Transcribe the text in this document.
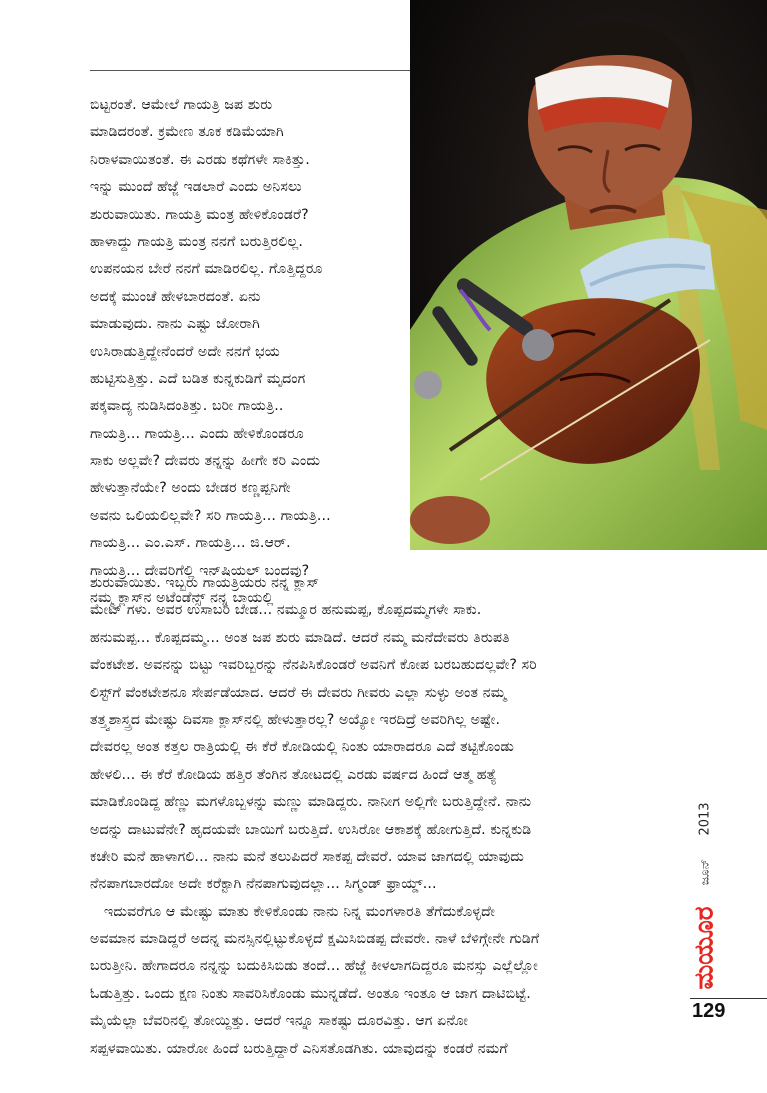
ಬಿಟ್ಟರಂತೆ. ಆಮೇಲೆ ಗಾಯತ್ರಿ ಜಪ ಶುರು
ಮಾಡಿದರಂತೆ. ಕ್ರಮೇಣ ತೂಕ ಕಡಿಮೆಯಾಗಿ
ನಿರಾಳವಾಯಿತಂತೆ. ಈ ಎರಡು ಕಥೆಗಳೇ ಸಾಕಿತ್ತು.
ಇನ್ನು ಮುಂದೆ ಹೆಜ್ಜೆ ಇಡಲಾರೆ ಎಂದು ಅನಿಸಲು
ಶುರುವಾಯಿತು. ಗಾಯತ್ರಿ ಮಂತ್ರ ಹೇಳಿಕೊಂಡರೆ?
ಹಾಳಾದ್ದು ಗಾಯತ್ರಿ ಮಂತ್ರ ನನಗೆ ಬರುತ್ತಿರಲಿಲ್ಲ.
ಉಪನಯನ ಬೇರೆ ನನಗೆ ಮಾಡಿರಲಿಲ್ಲ. ಗೊತ್ತಿದ್ದರೂ
ಅದಕ್ಕೆ ಮುಂಚೆ ಹೇಳಬಾರದಂತೆ. ಏನು
ಮಾಡುವುದು. ನಾನು ಎಷ್ಟು ಜೋರಾಗಿ
ಉಸಿರಾಡುತ್ತಿದ್ದೇನೆಂದರೆ ಅದೇ ನನಗೆ ಭಯ
ಹುಟ್ಟಿಸುತ್ತಿತ್ತು. ಎದೆ ಬಡಿತ ಕುನ್ನಕುಡಿಗೆ ಮೃದಂಗ
ಪಕ್ಕವಾದ್ಯ ನುಡಿಸಿದಂತಿತ್ತು. ಬರೀ ಗಾಯತ್ರಿ..
ಗಾಯತ್ರಿ... ಗಾಯತ್ರಿ... ಎಂದು ಹೇಳಿಕೊಂಡರೂ
ಸಾಕು ಅಲ್ಲವೇ? ದೇವರು ತನ್ನನ್ನು ಹೀಗೇ ಕರಿ ಎಂದು
ಹೇಳುತ್ತಾನೆಯೇ? ಅಂದು ಬೇಡರ ಕಣ್ಣಪ್ಪನಿಗೇ
ಅವನು ಒಲಿಯಲಿಲ್ಲವೇ? ಸರಿ ಗಾಯತ್ರಿ... ಗಾಯತ್ರಿ...
ಗಾಯತ್ರಿ... ಎಂ.ಎಸ್. ಗಾಯತ್ರಿ... ಜಿ.ಆರ್.
ಗಾಯತ್ರಿ... ದೇವರಿಗೆಲ್ಲಿ ಇನ್‌ಷಿಯಲ್ ಬಂದವು?
ನಮ್ಮ ಕ್ಲಾಸ್‌ನ ಅಟೆಂಡೆನ್ಸ್ ನನ್ನ ಬಾಯಲ್ಲಿ
ಶುರುವಾಯಿತು. ಇಬ್ಬರು ಗಾಯತ್ರಿಯರು ನನ್ನ ಕ್ಲಾಸ್
ಮೇಟ್ ಗಳು. ಅವರ ಉಸಾಬರಿ ಬೇಡ... ನಮ್ಮೂರ ಹನುಮಪ್ಪ, ಕೊಪ್ಪದಮ್ಮಗಳೇ ಸಾಕು.
ಹನುಮಪ್ಪ... ಕೊಪ್ಪದಮ್ಮ... ಅಂತ ಜಪ ಶುರು ಮಾಡಿದೆ. ಆದರೆ ನಮ್ಮ ಮನೆದೇವರು ತಿರುಪತಿ
ವೆಂಕಟೇಶ. ಅವನನ್ನು ಬಿಟ್ಟು ಇವರಿಬ್ಬರನ್ನು ನೆನಪಿಸಿಕೊಂಡರೆ ಅವನಿಗೆ ಕೋಪ ಬರಬಹುದಲ್ಲವೇ? ಸರಿ
ಲಿಸ್ಟ್‌ಗೆ ವೆಂಕಟೇಶನೂ ಸೇರ್ಪಡೆಯಾದ. ಆದರೆ ಈ ದೇವರು ಗೀವರು ಎಲ್ಲಾ ಸುಳ್ಳು ಅಂತ ನಮ್ಮ
ತತ್ತ್ವಶಾಸ್ತ್ರದ ಮೇಷ್ಟು ದಿವಸಾ ಕ್ಲಾಸ್‌ನಲ್ಲಿ ಹೇಳುತ್ತಾರಲ್ಲ? ಅಯ್ಯೋ ಇರದಿದ್ರೆ ಅವರಿಗಿಲ್ಲ ಅಷ್ಟೇ.
ದೇವರಲ್ಲ ಅಂತ ಕತ್ತಲ ರಾತ್ರಿಯಲ್ಲಿ ಈ ಕೆರೆ ಕೋಡಿಯಲ್ಲಿ ನಿಂತು ಯಾರಾದರೂ ಎದೆ ತಟ್ಟಿಕೊಂಡು
ಹೇಳಲಿ... ಈ ಕೆರೆ ಕೋಡಿಯ ಹತ್ತಿರ ತೆಂಗಿನ ತೋಟದಲ್ಲಿ ಎರಡು ವರ್ಷದ ಹಿಂದೆ ಆತ್ಮ ಹತ್ಯೆ
ಮಾಡಿಕೊಂಡಿದ್ದ ಹೆಣ್ಣು ಮಗಳೊಬ್ಬಳನ್ನು ಮಣ್ಣು ಮಾಡಿದ್ದರು. ನಾನೀಗ ಅಲ್ಲಿಗೇ ಬರುತ್ತಿದ್ದೇನೆ. ನಾನು
ಅದನ್ನು ದಾಟುವೆನೇ? ಹೃದಯವೇ ಬಾಯಿಗೆ ಬರುತ್ತಿದೆ. ಉಸಿರೋ ಆಕಾಶಕ್ಕೆ ಹೋಗುತ್ತಿದೆ. ಕುನ್ನಕುಡಿ
ಕಚೇರಿ ಮನೆ ಹಾಳಾಗಲಿ... ನಾನು ಮನೆ ತಲುಪಿದರೆ ಸಾಕಪ್ಪ ದೇವರೆ. ಯಾವ ಜಾಗದಲ್ಲಿ ಯಾವುದು
ನೆನಪಾಗಬಾರದೋ ಅದೇ ಕರೆಕ್ಟಾಗಿ ನೆನಪಾಗುವುದಲ್ಲಾ... ಸಿಗ್ಮಂಡ್ ಫ್ರಾಯ್ಡ್...
ಇದುವರೆಗೂ ಆ ಮೇಷ್ಟು ಮಾತು ಕೇಳಿಕೊಂಡು ನಾನು ನಿನ್ನ ಮಂಗಳಾರತಿ ತೆಗೆದುಕೊಳ್ಳದೇ
ಅವಮಾನ ಮಾಡಿದ್ದರೆ ಅದನ್ನ ಮನಸ್ಸಿನಲ್ಲಿಟ್ಟುಕೊಳ್ಳದೆ ಕ್ಷಮಿಸಿಬಿಡಪ್ಪ ದೇವರೇ. ನಾಳೆ ಬೆಳಿಗ್ಗೇನೇ ಗುಡಿಗೆ
ಬರುತ್ತೀನಿ. ಹೇಗಾದರೂ ನನ್ನನ್ನು ಬದುಕಿಸಿಬಿಡು ತಂದೆ... ಹೆಜ್ಜೆ ಕೀಳಲಾಗದಿದ್ದರೂ ಮನಸ್ಸು ಎಲ್ಲೆಲ್ಲೋ
ಓಡುತ್ತಿತ್ತು. ಒಂದು ಕ್ಷಣ ನಿಂತು ಸಾವರಿಸಿಕೊಂಡು ಮುನ್ನಡೆದೆ. ಅಂತೂ ಇಂತೂ ಆ ಜಾಗ ದಾಟಿಬಿಟ್ಟೆ.
ಮೈಯೆಲ್ಲಾ ಬೆವರಿನಲ್ಲಿ ತೋಯ್ದಿತ್ತು. ಆದರೆ ಇನ್ನೂ ಸಾಕಷ್ಟು ದೂರವಿತ್ತು. ಆಗ ಏನೋ
ಸಪ್ಪಳವಾಯಿತು. ಯಾರೋ ಹಿಂದೆ ಬರುತ್ತಿದ್ದಾರೆ ಎನಿಸತೊಡಗಿತು. ಯಾವುದನ್ನು ಕಂಡರೆ ನಮಗೆ
2013
ಜೂನ್
ಮಯೂರ
129
